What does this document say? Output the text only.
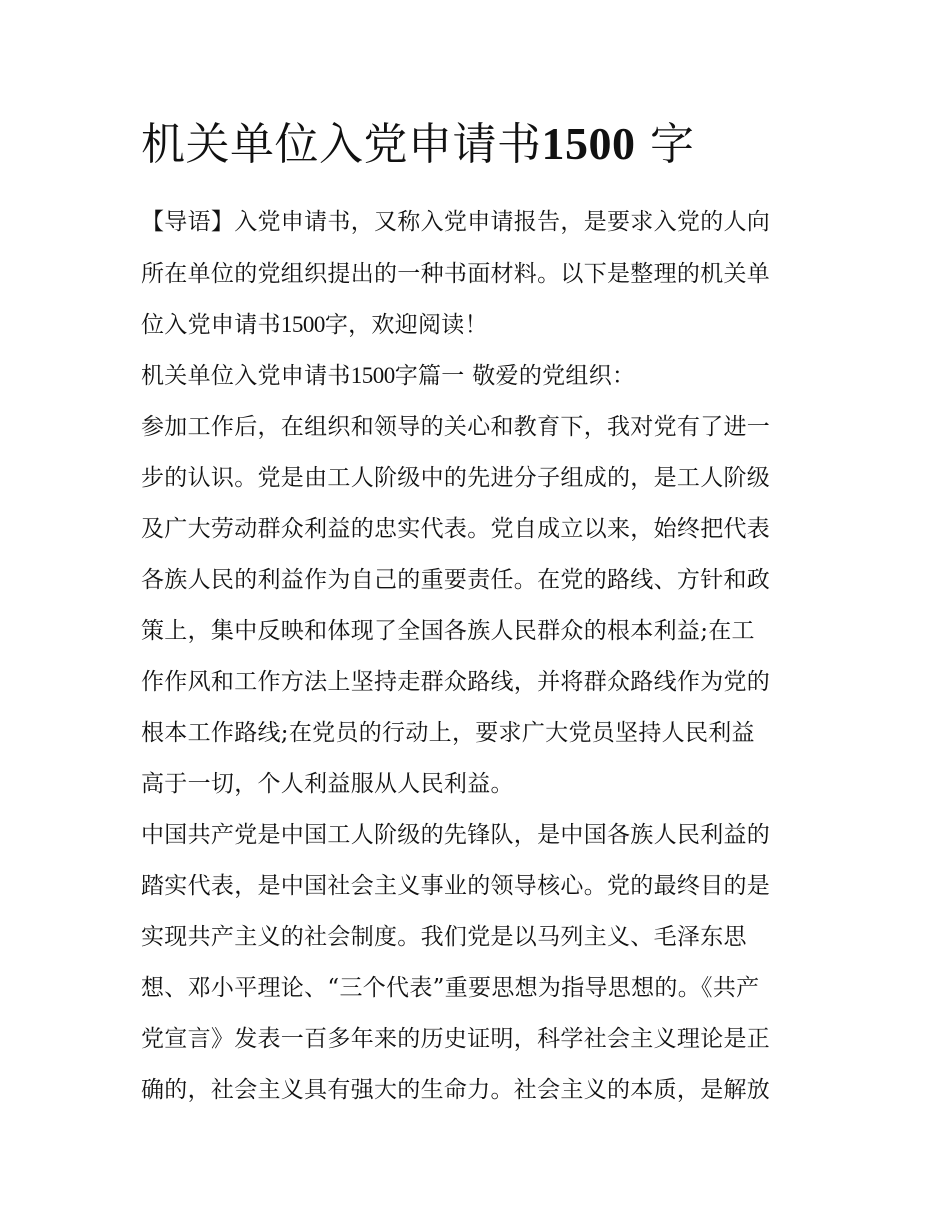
机关单位入党申请书1500 字
【导语】入党申请书，又称入党申请报告，是要求入党的人向
所在单位的党组织提出的一种书面材料。以下是整理的机关单
位入党申请书1500字，欢迎阅读！
机关单位入党申请书1500字篇一 敬爱的党组织：
参加工作后，在组织和领导的关心和教育下，我对党有了进一
步的认识。党是由工人阶级中的先进分子组成的，是工人阶级
及广大劳动群众利益的忠实代表。党自成立以来，始终把代表
各族人民的利益作为自己的重要责任。在党的路线、方针和政
策上，集中反映和体现了全国各族人民群众的根本利益;在工
作作风和工作方法上坚持走群众路线，并将群众路线作为党的
根本工作路线;在党员的行动上，要求广大党员坚持人民利益
高于一切，个人利益服从人民利益。
中国共产党是中国工人阶级的先锋队，是中国各族人民利益的
踏实代表，是中国社会主义事业的领导核心。党的最终目的是
实现共产主义的社会制度。我们党是以马列主义、毛泽东思
想、邓小平理论、“三个代表”重要思想为指导思想的。《共产
党宣言》发表一百多年来的历史证明，科学社会主义理论是正
确的，社会主义具有强大的生命力。社会主义的本质，是解放
